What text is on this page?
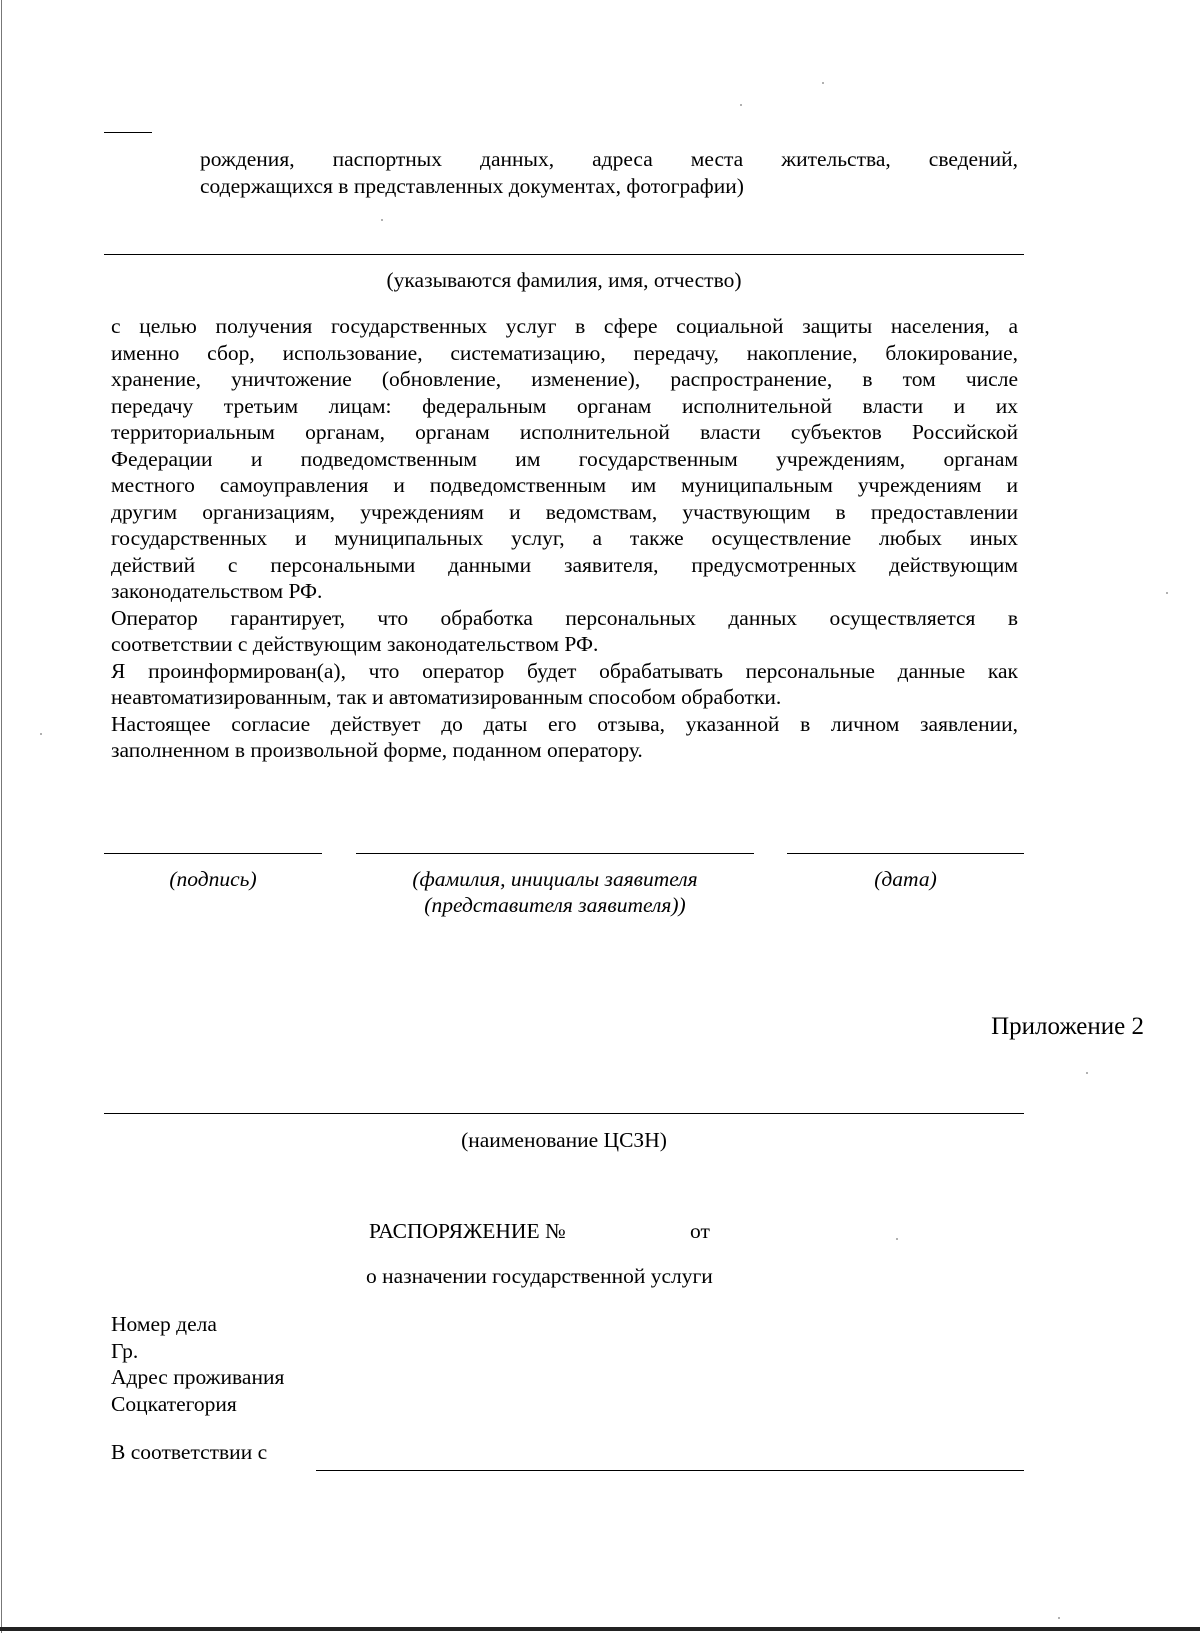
рождения, паспортных данных, адреса места жительства, сведений,
содержащихся в представленных документах, фотографии)
(указываются фамилия, имя, отчество)
с целью получения государственных услуг в сфере социальной защиты населения, а
именно сбор, использование, систематизацию, передачу, накопление, блокирование,
хранение, уничтожение (обновление, изменение), распространение, в том числе
передачу третьим лицам: федеральным органам исполнительной власти и их
территориальным органам, органам исполнительной власти субъектов Российской
Федерации и подведомственным им государственным учреждениям, органам
местного самоуправления и подведомственным им муниципальным учреждениям и
другим организациям, учреждениям и ведомствам, участвующим в предоставлении
государственных и муниципальных услуг, а также осуществление любых иных
действий с персональными данными заявителя, предусмотренных действующим
законодательством РФ.
Оператор гарантирует, что обработка персональных данных осуществляется в
соответствии с действующим законодательством РФ.
Я проинформирован(а), что оператор будет обрабатывать персональные данные как
неавтоматизированным, так и автоматизированным способом обработки.
Настоящее согласие действует до даты его отзыва, указанной в личном заявлении,
заполненном в произвольной форме, поданном оператору.
(подпись)	(фамилия, инициалы заявителя
(представителя заявителя))
(дата)
Приложение 2
(наименование ЦСЗН)
РАСПОРЯЖЕНИЕ №	от
о назначении государственной услуги
Номер дела
Гр.
Адрес проживания
Соцкатегория
В соответствии с
